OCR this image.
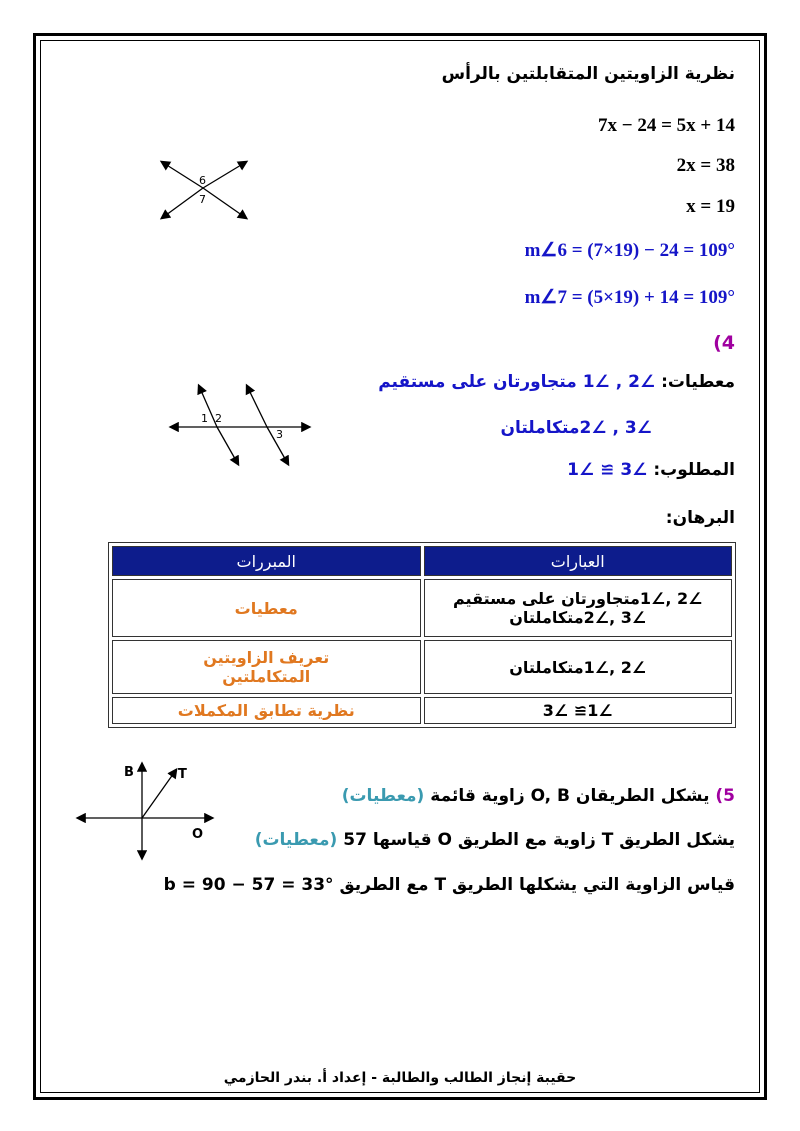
نظرية الزاويتين المتقابلتين بالرأس
7x − 24 = 5x + 14
2x = 38
x = 19
m∠6 = (7×19) − 24 = 109°
m∠7 = (5×19) + 14 = 109°
6
7
(4
معطيات: ∠2 , ∠1 متجاورتان على مستقيم
∠3 , ∠2متكاملتان
المطلوب: ∠3 ≅ ∠1
البرهان:
1 2
3
المبررات	العبارات

معطيات	∠2 ,∠1متجاورتان على مستقيم
∠3 ,∠2متكاملتان

تعريف الزاويتين
المتكاملتين	∠2 ,∠1متكاملتان

نظرية تطابق المكملات	∠1≅ ∠3
5) يشكل الطريقان O, B زاوية قائمة (معطيات)
يشكل الطريق T زاوية مع الطريق O قياسها 57 (معطيات)
قياس الزاوية التي يشكلها الطريق T مع الطريق b = 90 − 57 = 33°
B	T
O
حقيبة إنجاز الطالب والطالبة - إعداد أ. بندر الحازمي
